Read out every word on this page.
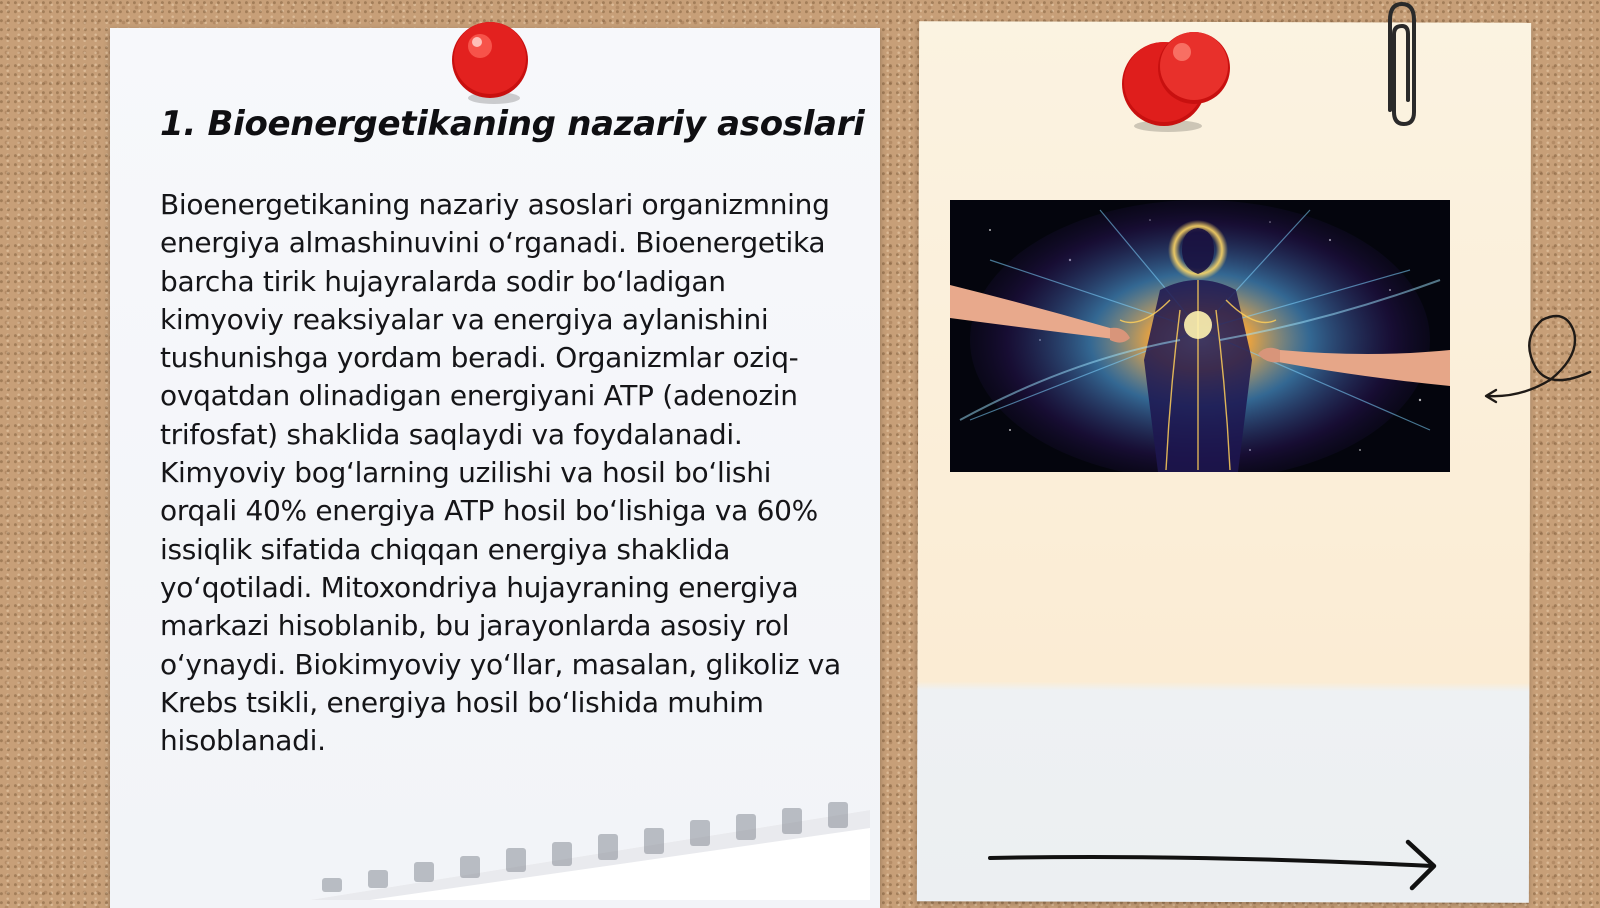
1. Bioenergetikaning nazariy asoslari

Bioenergetikaning nazariy asoslari organizmning energiya almashinuvini o‘rganadi. Bioenergetika barcha tirik hujayralarda sodir bo‘ladigan kimyoviy reaksiyalar va energiya aylanishini tushunishga yordam beradi. Organizmlar oziq-ovqatdan olinadigan energiyani ATP (adenozin trifosfat) shaklida saqlaydi va foydalanadi. Kimyoviy bog‘larning uzilishi va hosil bo‘lishi orqali 40% energiya ATP hosil bo‘lishiga va 60% issiqlik sifatida chiqqan energiya shaklida yo‘qotiladi. Mitoxondriya hujayraning energiya markazi hisoblanib, bu jarayonlarda asosiy rol o‘ynaydi. Biokimyoviy yo‘llar, masalan, glikoliz va Krebs tsikli, energiya hosil bo‘lishida muhim hisoblanadi.
